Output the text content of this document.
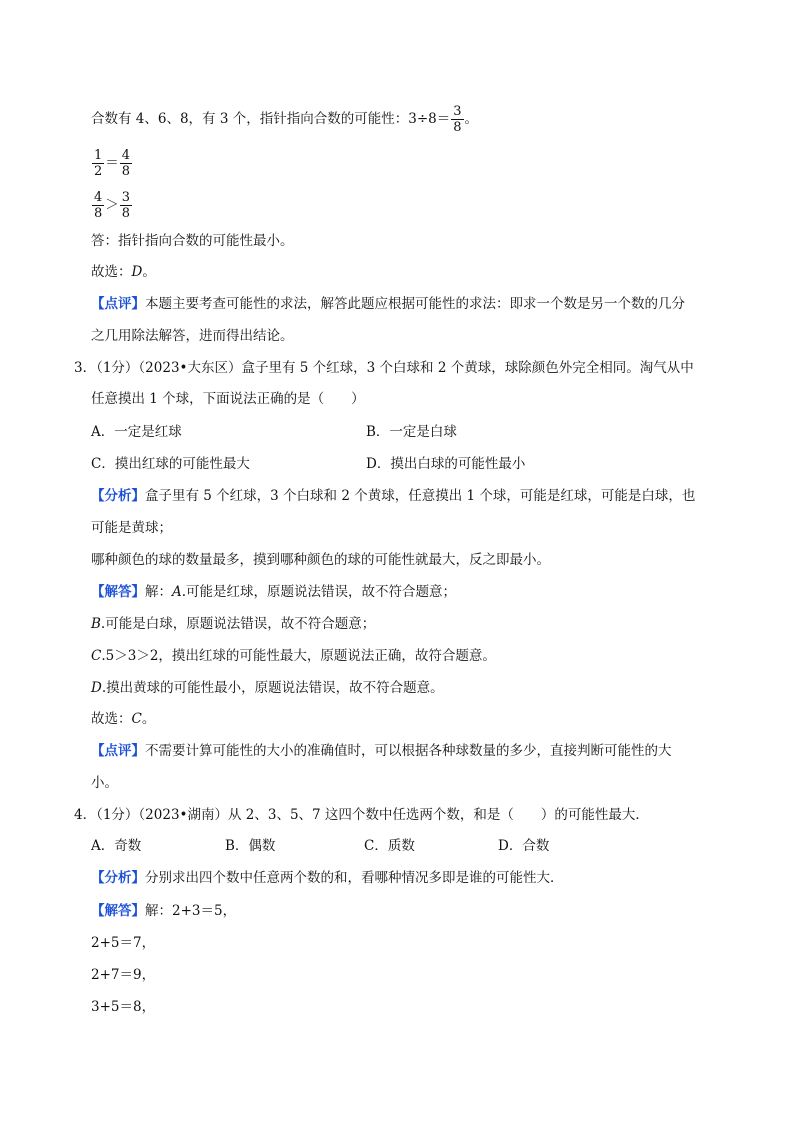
合数有 4、6、8，有 3 个，指针指向合数的可能性：$3\div 8= \frac{3}{8}$ 。
$\frac{1}{2} = \frac{4}{8}$
$\frac{4}{8} > \frac{3}{8}$
答：指针指向合数的可能性最小。
故选：D。
【点评】本题主要考查可能性的求法，解答此题应根据可能性的求法：即求一个数是另一个数的几分
之几用除法解答，进而得出结论。
3．（1分）（2023•大东区）盒子里有 5 个红球，3 个白球和 2 个黄球，球除颜色外完全相同。淘气从中
任意摸出 1 个球，下面说法正确的是（　　）
A．一定是红球	B．一定是白球
C．摸出红球的可能性最大	D．摸出白球的可能性最小
【分析】盒子里有 5 个红球，3 个白球和 2 个黄球，任意摸出 1 个球，可能是红球，可能是白球，也
可能是黄球；
哪种颜色的球的数量最多，摸到哪种颜色的球的可能性就最大，反之即最小。
【解答】解：A.可能是红球，原题说法错误，故不符合题意；
B.可能是白球，原题说法错误，故不符合题意；
C.5＞3＞2，摸出红球的可能性最大，原题说法正确，故符合题意。
D.摸出黄球的可能性最小，原题说法错误，故不符合题意。
故选：C。
【点评】不需要计算可能性的大小的准确值时，可以根据各种球数量的多少，直接判断可能性的大
小。
4．（1分）（2023•湖南）从 2、3、5、7 这四个数中任选两个数，和是（　　）的可能性最大．
A．奇数	B．偶数	C．质数	D．合数
【分析】分别求出四个数中任意两个数的和，看哪种情况多即是谁的可能性大．
【解答】解：2+3＝5，
2+5＝7，
2+7＝9，
3+5＝8，
